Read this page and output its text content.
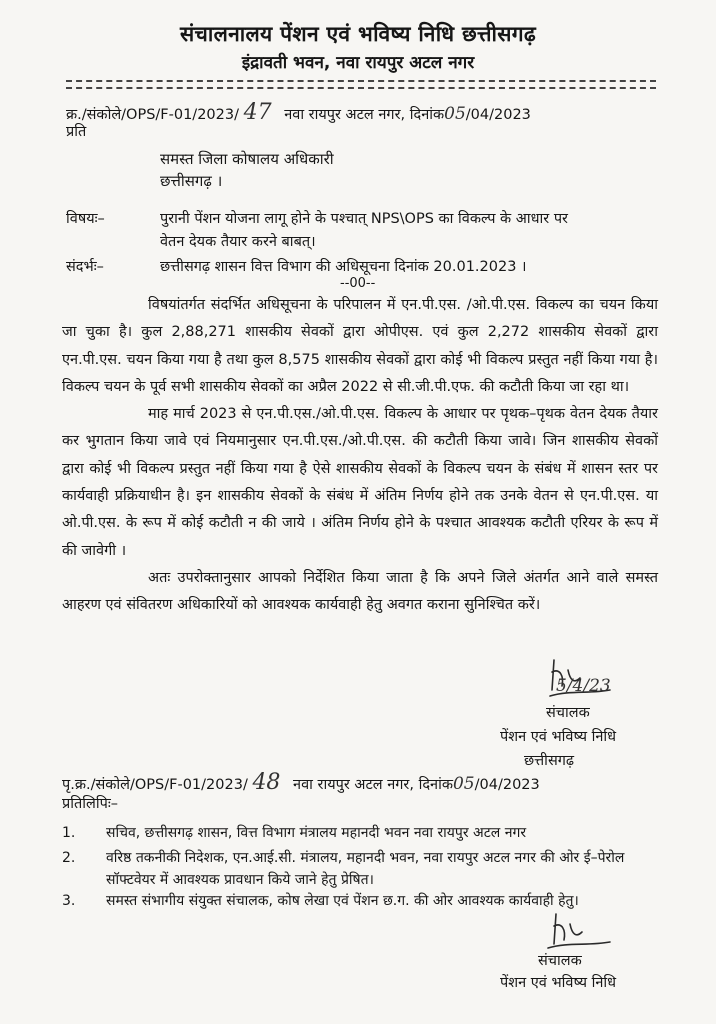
संचालनालय पेंशन एवं भविष्य निधि छत्तीसगढ़
इंद्रावती भवन, नवा रायपुर अटल नगर
क्र./संकोले/OPS/F-01/2023/ 47 नवा रायपुर अटल नगर, दिनांक05/04/2023
प्रति
समस्त जिला कोषालय अधिकारी
छत्तीसगढ़ ।
विषयः–	पुरानी पेंशन योजना लागू होने के पश्चात् NPS\OPS का विकल्प के आधार पर
वेतन देयक तैयार करने बाबत्।
संदर्भः–	छत्तीसगढ़ शासन वित्त विभाग की अधिसूचना दिनांक 20.01.2023 ।
--00--

विषयांतर्गत संदर्भित अधिसूचना के परिपालन में एन.पी.एस. /ओ.पी.एस. विकल्प का चयन किया जा चुका है। कुल 2,88,271 शासकीय सेवकों द्वारा ओपीएस. एवं कुल 2,272 शासकीय सेवकों द्वारा एन.पी.एस. चयन किया गया है तथा कुल 8,575 शासकीय सेवकों द्वारा कोई भी विकल्प प्रस्तुत नहीं किया गया है। विकल्प चयन के पूर्व सभी शासकीय सेवकों का अप्रैल 2022 से सी.जी.पी.एफ. की कटौती किया जा रहा था।

माह मार्च 2023 से एन.पी.एस./ओ.पी.एस. विकल्प के आधार पर पृथक–पृथक वेतन देयक तैयार कर भुगतान किया जावे एवं नियमानुसार एन.पी.एस./ओ.पी.एस. की कटौती किया जावे। जिन शासकीय सेवकों द्वारा कोई भी विकल्प प्रस्तुत नहीं किया गया है ऐसे शासकीय सेवकों के विकल्प चयन के संबंध में शासन स्तर पर कार्यवाही प्रक्रियाधीन है। इन शासकीय सेवकों के संबंध में अंतिम निर्णय होने तक उनके वेतन से एन.पी.एस. या ओ.पी.एस. के रूप में कोई कटौती न की जाये । अंतिम निर्णय होने के पश्चात आवश्यक कटौती एरियर के रूप में की जावेगी ।

अतः उपरोक्तानुसार आपको निर्देशित किया जाता है कि अपने जिले अंतर्गत आने वाले समस्त आहरण एवं संवितरण अधिकारियों को आवश्यक कार्यवाही हेतु अवगत कराना सुनिश्चित करें।

5/4/23
संचालक
पेंशन एवं भविष्य निधि
छत्तीसगढ़
पृ.क्र./संकोले/OPS/F-01/2023/ 48 नवा रायपुर अटल नगर, दिनांक05/04/2023
प्रतिलिपिः–
1. सचिव, छत्तीसगढ़ शासन, वित्त विभाग मंत्रालय महानदी भवन नवा रायपुर अटल नगर
2. वरिष्ठ तकनीकी निदेशक, एन.आई.सी. मंत्रालय, महानदी भवन, नवा रायपुर अटल नगर की ओर ई–पेरोल सॉफ्टवेयर में आवश्यक प्रावधान किये जाने हेतु प्रेषित।
3. समस्त संभागीय संयुक्त संचालक, कोष लेखा एवं पेंशन छ.ग. की ओर आवश्यक कार्यवाही हेतु।
संचालक
पेंशन एवं भविष्य निधि
